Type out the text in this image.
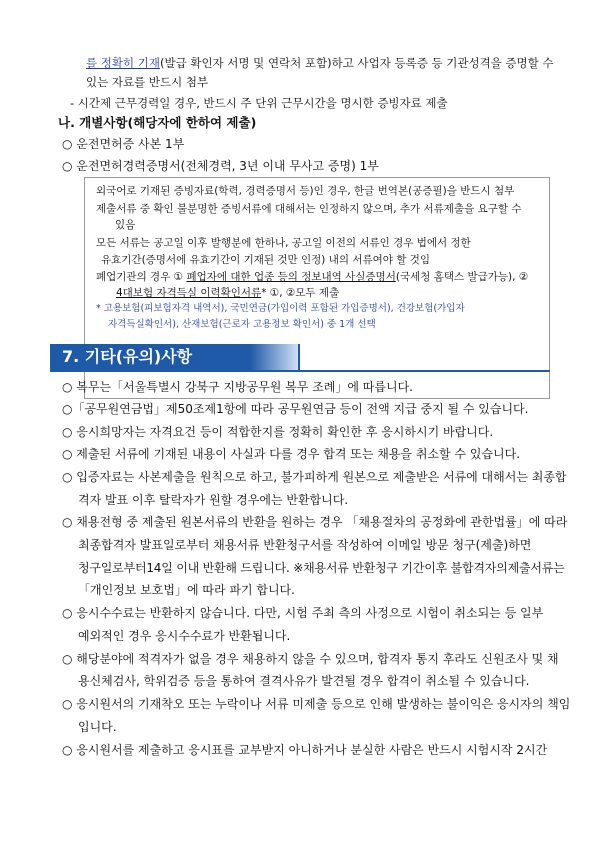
를 정확히 기재(발급 확인자 서명 및 연락처 포함)하고 사업자 등록증 등 기관성격을 증명할 수
있는 자료를 반드시 첨부
- 시간제 근무경력일 경우, 반드시 주 단위 근무시간을 명시한 증빙자료 제출
나. 개별사항(해당자에 한하여 제출)
○ 운전면허증 사본 1부
○ 운전면허경력증명서(전체경력, 3년 이내 무사고 증명) 1부
외국어로 기재된 증빙자료(학력, 경력증명서 등)인 경우, 한글 번역본(공증필)을 반드시 첨부
제출서류 중 확인 불분명한 증빙서류에 대해서는 인정하지 않으며, 추가 서류제출을 요구할 수
있음
모든 서류는 공고일 이후 발행분에 한하나, 공고일 이전의 서류인 경우 법에서 정한
유효기간(증명서에 유효기간이 기재된 것만 인정) 내의 서류여야 할 것임
폐업기관의 경우 ① 폐업자에 대한 업종 등의 정보내역 사실증명서(국세청 홈택스 발급가능), ②
4대보험 자격득실 이력확인서류* ①, ②모두 제출
* 고용보험(피보험자격 내역서), 국민연금(가입이력 포함된 가입증명서), 건강보험(가입자
자격득실확인서), 산재보험(근로자 고용정보 확인서) 중 1개 선택
7. 기타(유의)사항
○ 복무는「서울특별시 강북구 지방공무원 복무 조례」에 따릅니다.
○「공무원연금법」제50조제1항에 따라 공무원연금 등이 전액 지급 중지 될 수 있습니다.
○ 응시희망자는 자격요건 등이 적합한지를 정확히 확인한 후 응시하시기 바랍니다.
○ 제출된 서류에 기재된 내용이 사실과 다를 경우 합격 또는 채용을 취소할 수 있습니다.
○ 입증자료는 사본제출을 원칙으로 하고, 불가피하게 원본으로 제출받은 서류에 대해서는 최종합
격자 발표 이후 탈락자가 원할 경우에는 반환합니다.
○ 채용전형 중 제출된 원본서류의 반환을 원하는 경우 「채용절차의 공정화에 관한법률」에 따라
최종합격자 발표일로부터 채용서류 반환청구서를 작성하여 이메일 방문 청구(제출)하면
청구일로부터14일 이내 반환해 드립니다. ※채용서류 반환청구 기간이후 불합격자의제출서류는
「개인정보 보호법」에 따라 파기 합니다.
○ 응시수수료는 반환하지 않습니다. 다만, 시험 주최 측의 사정으로 시험이 취소되는 등 일부
예외적인 경우 응시수수료가 반환됩니다.
○ 해당분야에 적격자가 없을 경우 채용하지 않을 수 있으며, 합격자 통지 후라도 신원조사 및 채
용신체검사, 학위검증 등을 통하여 결격사유가 발견될 경우 합격이 취소될 수 있습니다.
○ 응시원서의 기재착오 또는 누락이나 서류 미제출 등으로 인해 발생하는 불이익은 응시자의 책임
입니다.
○ 응시원서를 제출하고 응시표를 교부받지 아니하거나 분실한 사람은 반드시 시험시작 2시간
